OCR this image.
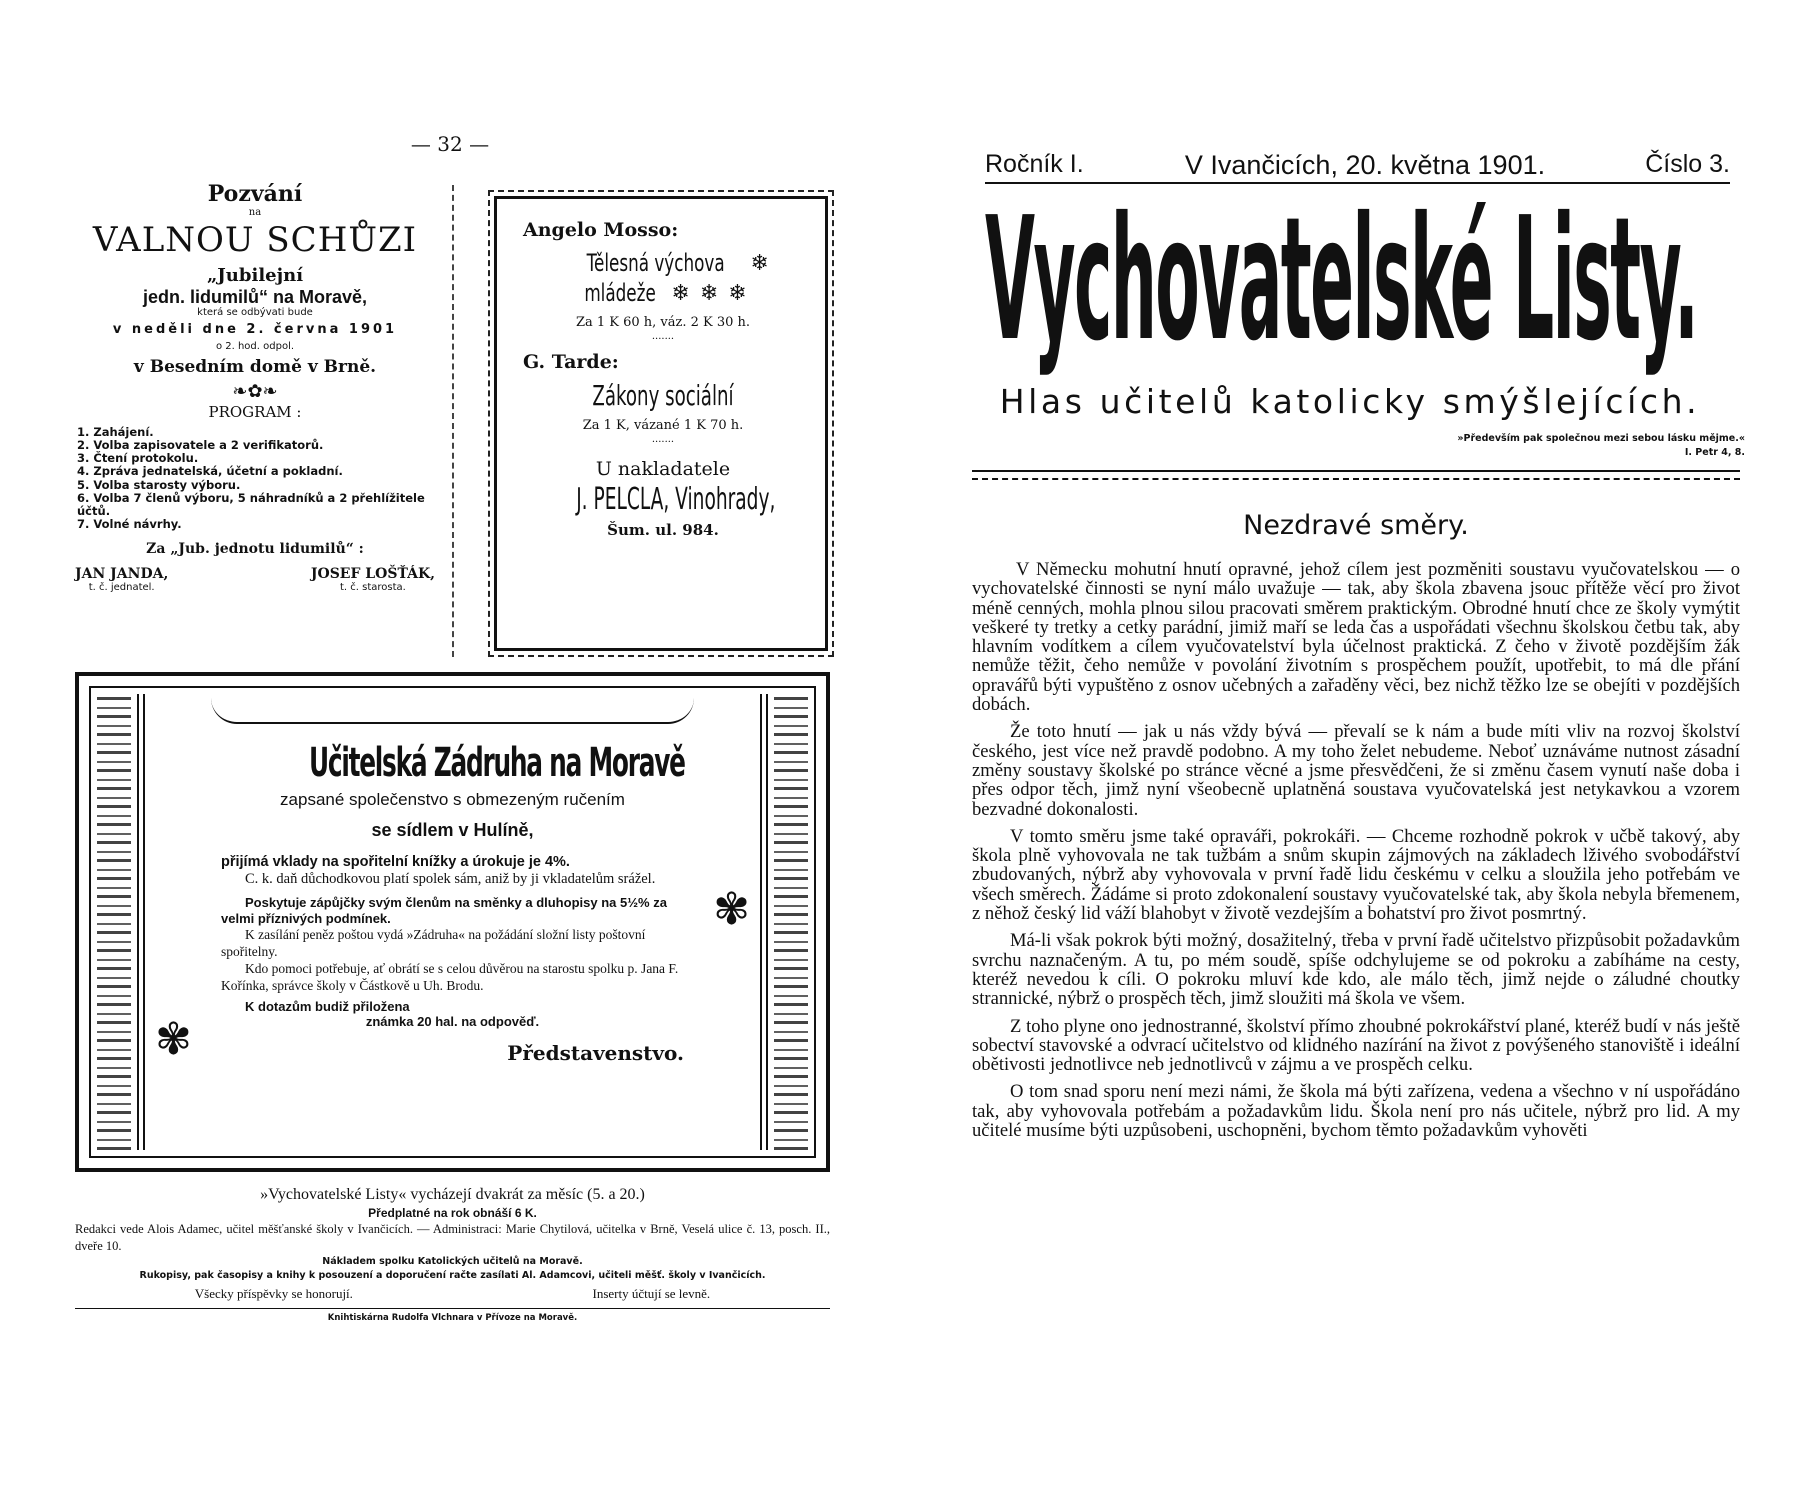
— 32 —
Pozvání
na
VALNOU SCHŮZI
„Jubilejní
jedn. lidumilů“ na Moravě,
která se odbývati bude
v neděli dne 2. června 1901
o 2. hod. odpol.
v Besedním domě v Brně.
❧✿❧
PROGRAM :
1. Zahájení.
2. Volba zapisovatele a 2 verifikatorů.
3. Čtení protokolu.
4. Zpráva jednatelská, účetní a pokladní.
5. Volba starosty výboru.
6. Volba 7 členů výboru, 5 náhradníků a 2 přehlížitele účtů.
7. Volné návrhy.
Za „Jub. jednotu lidumilů“ :
JAN JANDA,
t. č. jednatel.
JOSEF LOŠŤÁK,
t. č. starosta.
Angelo Mosso:
Tělesná výchova ❄
mládeže ❄❄❄
Za 1 K 60 h, váz. 2 K 30 h.
·······
G. Tarde:
Zákony sociální
Za 1 K, vázané 1 K 70 h.
·······
U nakladatele
J. PELCLA, Vinohrady,
Šum. ul. 984.
✾
✾
Učitelská Zádruha na Moravě
zapsané společenstvo s obmezeným ručením
se sídlem v Hulíně,
přijímá vklady na spořitelní knížky a úrokuje je 4%.
C. k. daň důchodkovou platí spolek sám, aniž by ji vkladatelům srážel.
Poskytuje zápůjčky svým členům na směnky a dluhopisy na 5½% za velmi příznivých podmínek.
K zasílání peněz poštou vydá »Zádruha« na požádání složní listy poštovní spořitelny.
Kdo pomoci potřebuje, ať obrátí se s celou důvěrou na starostu spolku p. Jana F. Kořínka, správce školy v Částkově u Uh. Brodu.
K dotazům budiž přiložena
známka 20 hal. na odpověď.
Představenstvo.
»Vychovatelské Listy« vycházejí dvakrát za měsíc (5. a 20.)
Předplatné na rok obnáší 6 K.
Redakci vede Alois Adamec, učitel měšťanské školy v Ivančicích. — Administraci: Marie Chytilová, učitelka v Brně, Veselá ulice č. 13, posch. II., dveře 10.
Nákladem spolku Katolických učitelů na Moravě.
Rukopisy, pak časopisy a knihy k posouzení a doporučení račte zasílati Al. Adamcovi, učiteli měšť. školy v Ivančicích.
Všecky příspěvky se honorují.	Inserty účtují se levně.
Knihtiskárna Rudolfa Vlchnara v Přívoze na Moravě.
Ročník I.	V Ivančicích, 20. května 1901.	Číslo 3.
Vychovatelské Listy.
Hlas učitelů katolicky smýšlejících.
»Především pak společnou mezi sebou lásku mějme.«
I. Petr 4, 8.
Nezdravé směry.

V Německu mohutní hnutí opravné, jehož cílem jest pozměniti soustavu vyučovatelskou — o vychovatelské činnosti se nyní málo uvažuje — tak, aby škola zbavena jsouc přítěže věcí pro život méně cenných, mohla plnou silou pracovati směrem praktickým. Obrodné hnutí chce ze školy vymýtit veškeré ty tretky a cetky parádní, jimiž maří se leda čas a uspořádati všechnu školskou četbu tak, aby hlavním vodítkem a cílem vyučovatelství byla účelnost praktická. Z čeho v životě pozdějším žák nemůže těžit, čeho nemůže v povolání životním s prospěchem použít, upotřebit, to má dle přání opravářů býti vypuštěno z osnov učebných a zařaděny věci, bez nichž těžko lze se obejíti v pozdějších dobách.

Že toto hnutí — jak u nás vždy bývá — převalí se k nám a bude míti vliv na rozvoj školství českého, jest více než pravdě podobno. A my toho želet nebudeme. Neboť uznáváme nutnost zásadní změny soustavy školské po stránce věcné a jsme přesvědčeni, že si změnu časem vynutí naše doba i přes odpor těch, jimž nyní všeobecně uplatněná soustava vyučovatelská jest netykavkou a vzorem bezvadné dokonalosti.

V tomto směru jsme také opraváři, pokrokáři. — Chceme rozhodně pokrok v učbě takový, aby škola plně vyhovovala ne tak tužbám a snům skupin zájmových na základech lživého svobodářství zbudovaných, nýbrž aby vyhovovala v první řadě lidu českému v celku a sloužila jeho potřebám ve všech směrech. Žádáme si proto zdokonalení soustavy vyučovatelské tak, aby škola nebyla břemenem, z něhož český lid váží blahobyt v životě vezdejším a bohatství pro život posmrtný.

Má-li však pokrok býti možný, dosažitelný, třeba v první řadě učitelstvo přizpůsobit požadavkům svrchu naznačeným. A tu, po mém soudě, spíše odchylujeme se od pokroku a zabíháme na cesty, kteréž nevedou k cíli. O pokroku mluví kde kdo, ale málo těch, jimž nejde o záludné choutky strannické, nýbrž o prospěch těch, jimž sloužiti má škola ve všem.

Z toho plyne ono jednostranné, školství přímo zhoubné pokrokářství plané, kteréž budí v nás ještě sobectví stavovské a odvrací učitelstvo od klidného nazírání na život z povýšeného stanoviště i ideální obětivosti jednotlivce neb jednotlivců v zájmu a ve prospěch celku.

O tom snad sporu není mezi námi, že škola má býti zařízena, vedena a všechno v ní uspořádáno tak, aby vyhovovala potřebám a požadavkům lidu. Škola není pro nás učitele, nýbrž pro lid. A my učitelé musíme býti uzpůsobeni, uschopněni, bychom těmto požadavkům vyhověti
